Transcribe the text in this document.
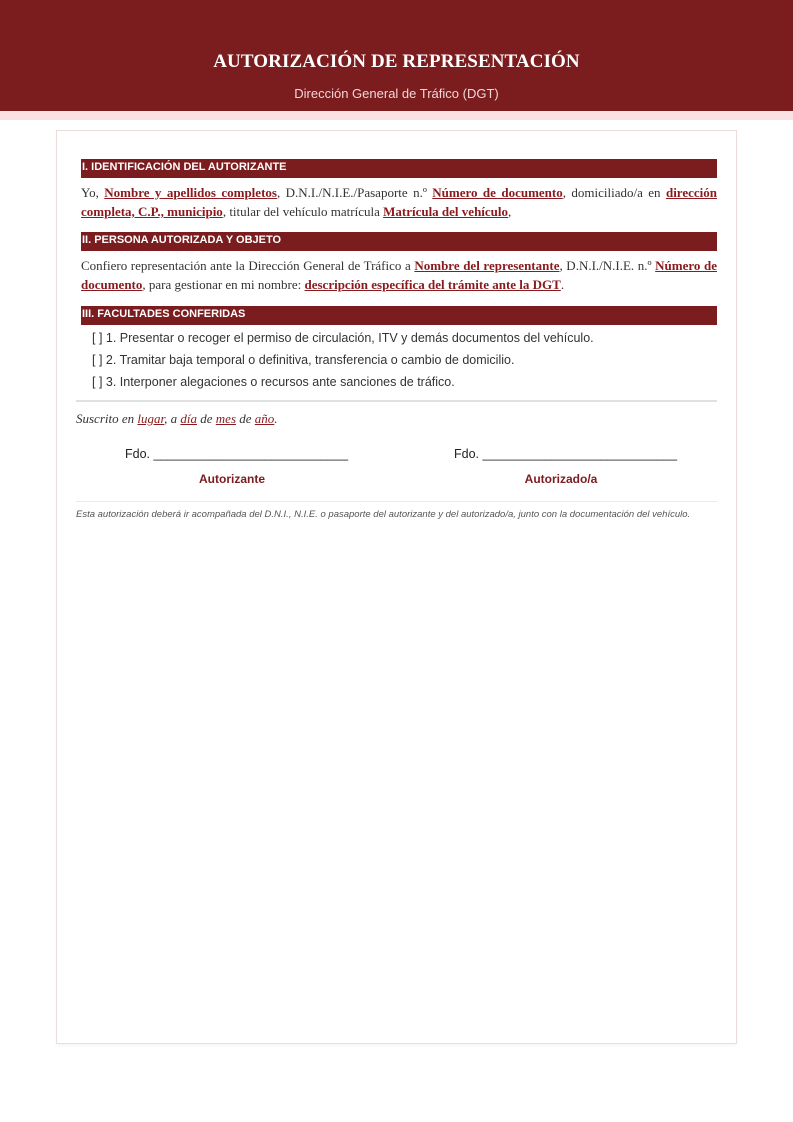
AUTORIZACIÓN DE REPRESENTACIÓN
Dirección General de Tráfico (DGT)
I. IDENTIFICACIÓN DEL AUTORIZANTE
Yo, Nombre y apellidos completos, D.N.I./N.I.E./Pasaporte n.º Número de documento, domiciliado/a en dirección completa, C.P., municipio, titular del vehículo matrícula Matrícula del vehículo,
II. PERSONA AUTORIZADA Y OBJETO
Confiero representación ante la Dirección General de Tráfico a Nombre del representante, D.N.I./N.I.E. n.º Número de documento, para gestionar en mi nombre: descripción específica del trámite ante la DGT.
III. FACULTADES CONFERIDAS
[ ] 1. Presentar o recoger el permiso de circulación, ITV y demás documentos del vehículo.
[ ] 2. Tramitar baja temporal o definitiva, transferencia o cambio de domicilio.
[ ] 3. Interponer alegaciones o recursos ante sanciones de tráfico.
Suscrito en lugar, a día de mes de año.
Fdo. ____________________________
Autorizante
Fdo. ____________________________
Autorizado/a
Esta autorización deberá ir acompañada del D.N.I., N.I.E. o pasaporte del autorizante y del autorizado/a, junto con la documentación del vehículo.
